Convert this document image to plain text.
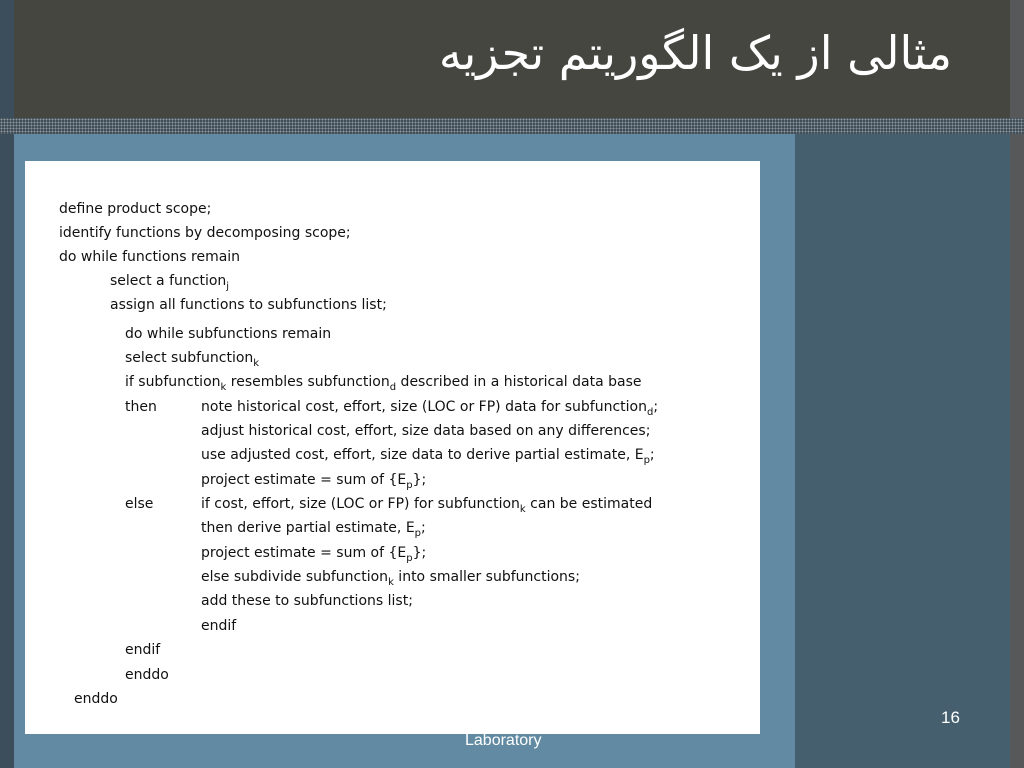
مثالی از یک الگوریتم تجزیه
define product scope;
identify functions by decomposing scope;
do while functions remain
select a function$_j$
assign all functions to subfunctions list;
do while subfunctions remain
select subfunction$_k$
if subfunction$_k$ resembles subfunction$_d$ described in a historical data base
then	note historical cost, effort, size (LOC or FP) data for subfunction$_d$;
adjust historical cost, effort, size data based on any differences;
use adjusted cost, effort, size data to derive partial estimate, $E_p$;
project estimate = sum of $\{E_p\}$;
else	if cost, effort, size (LOC or FP) for subfunction$_k$ can be estimated
then derive partial estimate, $E_p$;
project estimate = sum of $\{E_p\}$;
else subdivide subfunction$_k$ into smaller subfunctions;
add these to subfunctions list;
endif
endif
enddo
enddo
16
Laboratory
